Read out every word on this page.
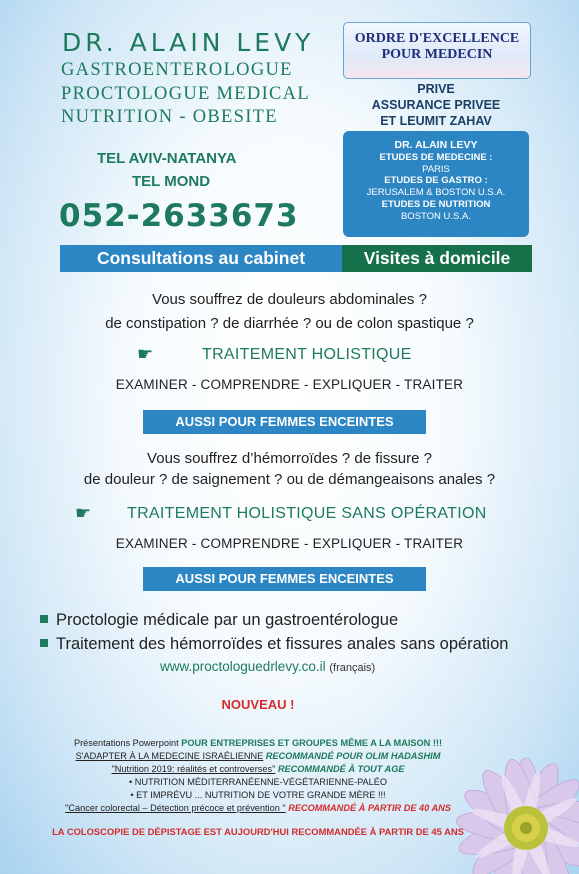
DR. ALAIN LEVY
GASTROENTEROLOGUE
PROCTOLOGUE MEDICAL
NUTRITION - OBESITE
TEL AVIV-NATANYA
TEL MOND
052-2633673
ORDRE D'EXCELLENCE
POUR MEDECIN
PRIVE
ASSURANCE PRIVEE
ET LEUMIT ZAHAV
DR. ALAIN LEVY
ETUDES DE MEDECINE :
PARIS
ETUDES DE GASTRO :
JERUSALEM & BOSTON U.S.A.
ETUDES DE NUTRITION
BOSTON U.S.A.
Consultations au cabinet	Visites à domicile
Vous souffrez de douleurs abdominales ?
de constipation ? de diarrhée ? ou de colon spastique ?
☛	TRAITEMENT HOLISTIQUE
EXAMINER - COMPRENDRE - EXPLIQUER - TRAITER
AUSSI POUR FEMMES ENCEINTES
Vous souffrez d’hémorroïdes ? de fissure ?
de douleur ? de saignement ? ou de démangeaisons anales ?
☛ TRAITEMENT HOLISTIQUE SANS OPÉRATION
EXAMINER - COMPRENDRE - EXPLIQUER - TRAITER
AUSSI POUR FEMMES ENCEINTES
Proctologie médicale par un gastroentérologue
Traitement des hémorroïdes et fissures anales sans opération
www.proctologuedrlevy.co.il (français)
NOUVEAU !
Présentations Powerpoint POUR ENTREPRISES ET GROUPES MÊME A LA MAISON !!!
S'ADAPTER À LA MEDECINE ISRAÉLIENNE RECOMMANDÉ POUR OLIM HADASHIM
"Nutrition 2019: réalités et controverses" RECOMMANDÉ À TOUT AGE
• NUTRITION MÉDITERRANÉENNE-VÉGÉTARIENNE-PALÉO
• ET IMPRÉVU ... NUTRITION DE VOTRE GRANDE MÈRE !!!
"Cancer colorectal – Détection précoce et prévention " RECOMMANDÉ À PARTIR DE 40 ANS
LA COLOSCOPIE DE DÉPISTAGE EST AUJOURD'HUI RECOMMANDÉE À PARTIR DE 45 ANS
